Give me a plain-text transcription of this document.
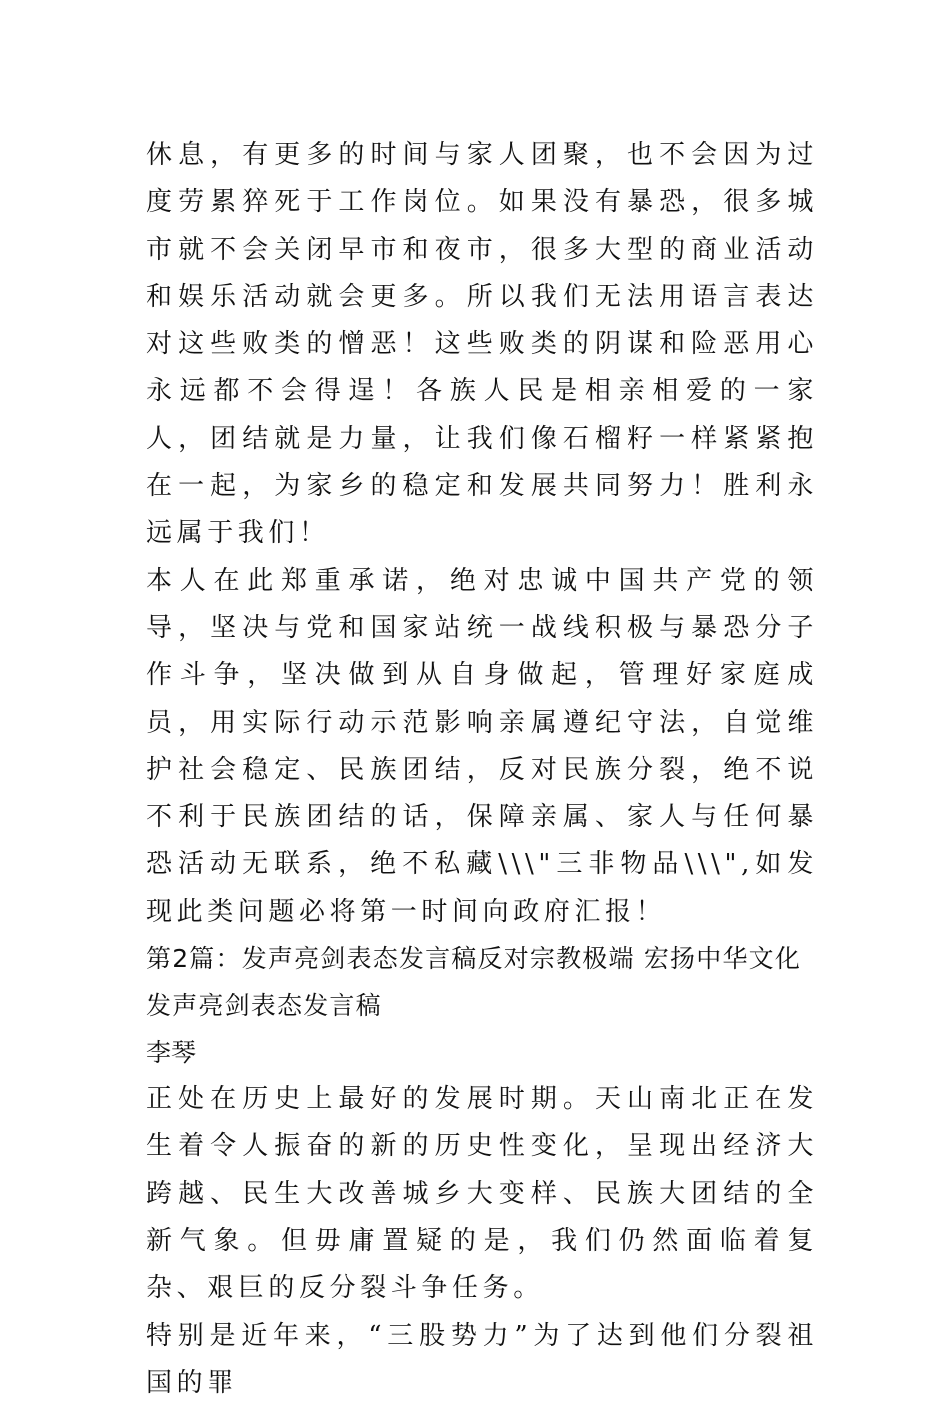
休息，有更多的时间与家人团聚，也不会因为过度劳累猝死于工作岗位。如果没有暴恐，很多城市就不会关闭早市和夜市，很多大型的商业活动和娱乐活动就会更多。所以我们无法用语言表达对这些败类的憎恶！这些败类的阴谋和险恶用心永远都不会得逞！各族人民是相亲相爱的一家人，团结就是力量，让我们像石榴籽一样紧紧抱在一起，为家乡的稳定和发展共同努力！胜利永远属于我们！

本人在此郑重承诺，绝对忠诚中国共产党的领导，坚决与党和国家站统一战线积极与暴恐分子作斗争，坚决做到从自身做起，管理好家庭成员，用实际行动示范影响亲属遵纪守法，自觉维护社会稳定、民族团结，反对民族分裂，绝不说不利于民族团结的话，保障亲属、家人与任何暴恐活动无联系，绝不私藏\\\"三非物品\\\",如发现此类问题必将第一时间向政府汇报！

第2篇：发声亮剑表态发言稿反对宗教极端 宏扬中华文化

发声亮剑表态发言稿

李琴

正处在历史上最好的发展时期。天山南北正在发生着令人振奋的新的历史性变化，呈现出经济大跨越、民生大改善城乡大变样、民族大团结的全新气象。但毋庸置疑的是，我们仍然面临着复杂、艰巨的反分裂斗争任务。

特别是近年来，“三股势力”为了达到他们分裂祖国的罪
